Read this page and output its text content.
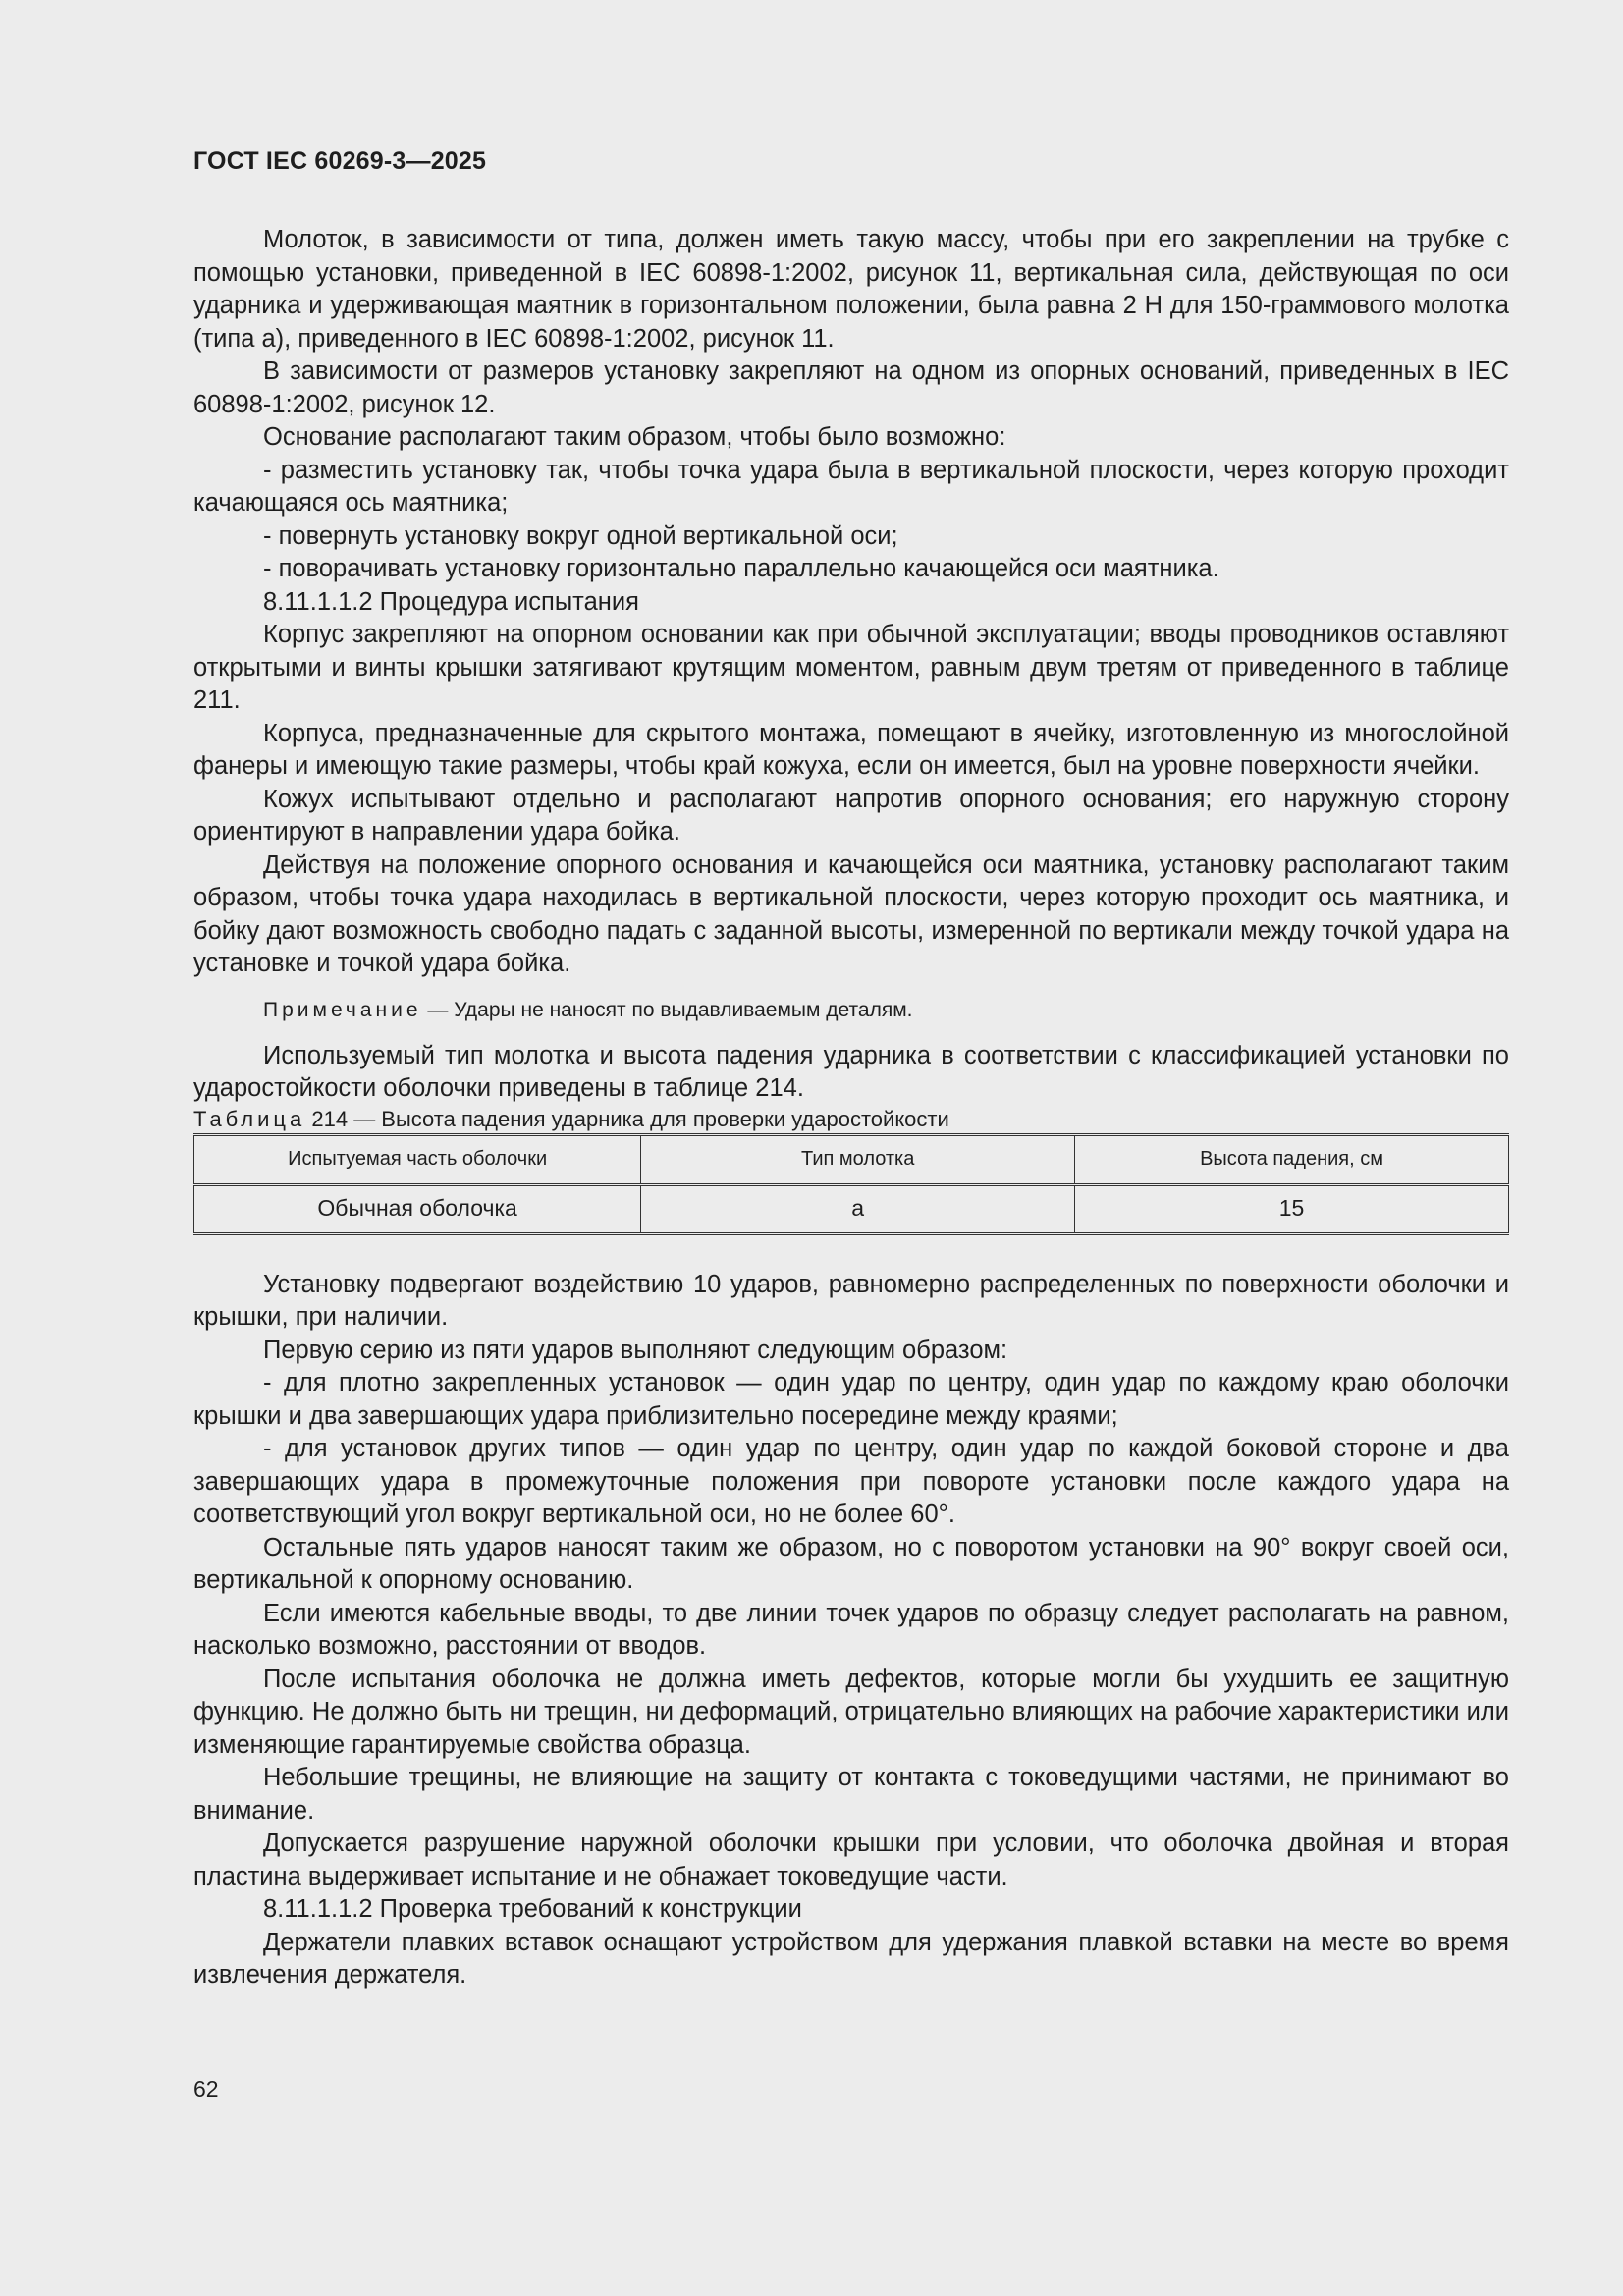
ГОСТ IEC 60269-3—2025

Молоток, в зависимости от типа, должен иметь такую массу, чтобы при его закреплении на трубке с помощью установки, приведенной в IEC 60898-1:2002, рисунок 11, вертикальная сила, действующая по оси ударника и удерживающая маятник в горизонтальном положении, была равна 2 Н для 150-граммового молотка (типа а), приведенного в IEC 60898-1:2002, рисунок 11.

В зависимости от размеров установку закрепляют на одном из опорных оснований, приведенных в IEC 60898-1:2002, рисунок 12.

Основание располагают таким образом, чтобы было возможно:

- разместить установку так, чтобы точка удара была в вертикальной плоскости, через которую проходит качающаяся ось маятника;

- повернуть установку вокруг одной вертикальной оси;

- поворачивать установку горизонтально параллельно качающейся оси маятника.

8.11.1.1.2 Процедура испытания

Корпус закрепляют на опорном основании как при обычной эксплуатации; вводы проводников оставляют открытыми и винты крышки затягивают крутящим моментом, равным двум третям от приведенного в таблице 211.

Корпуса, предназначенные для скрытого монтажа, помещают в ячейку, изготовленную из многослойной фанеры и имеющую такие размеры, чтобы край кожуха, если он имеется, был на уровне поверхности ячейки.

Кожух испытывают отдельно и располагают напротив опорного основания; его наружную сторону ориентируют в направлении удара бойка.

Действуя на положение опорного основания и качающейся оси маятника, установку располагают таким образом, чтобы точка удара находилась в вертикальной плоскости, через которую проходит ось маятника, и бойку дают возможность свободно падать с заданной высоты, измеренной по вертикали между точкой удара на установке и точкой удара бойка.

Примечание — Удары не наносят по выдавливаемым деталям.

Используемый тип молотка и высота падения ударника в соответствии с классификацией установки по ударостойкости оболочки приведены в таблице 214.

Таблица 214 — Высота падения ударника для проверки ударостойкости

Испытуемая часть оболочки	Тип молотка	Высота падения, см
Обычная оболочка	а	15

Установку подвергают воздействию 10 ударов, равномерно распределенных по поверхности оболочки и крышки, при наличии.

Первую серию из пяти ударов выполняют следующим образом:

- для плотно закрепленных установок — один удар по центру, один удар по каждому краю оболочки крышки и два завершающих удара приблизительно посередине между краями;

- для установок других типов — один удар по центру, один удар по каждой боковой стороне и два завершающих удара в промежуточные положения при повороте установки после каждого удара на соответствующий угол вокруг вертикальной оси, но не более 60°.

Остальные пять ударов наносят таким же образом, но с поворотом установки на 90° вокруг своей оси, вертикальной к опорному основанию.

Если имеются кабельные вводы, то две линии точек ударов по образцу следует располагать на равном, насколько возможно, расстоянии от вводов.

После испытания оболочка не должна иметь дефектов, которые могли бы ухудшить ее защитную функцию. Не должно быть ни трещин, ни деформаций, отрицательно влияющих на рабочие характеристики или изменяющие гарантируемые свойства образца.

Небольшие трещины, не влияющие на защиту от контакта с токоведущими частями, не принимают во внимание.

Допускается разрушение наружной оболочки крышки при условии, что оболочка двойная и вторая пластина выдерживает испытание и не обнажает токоведущие части.

8.11.1.1.2 Проверка требований к конструкции

Держатели плавких вставок оснащают устройством для удержания плавкой вставки на месте во время извлечения держателя.

62
